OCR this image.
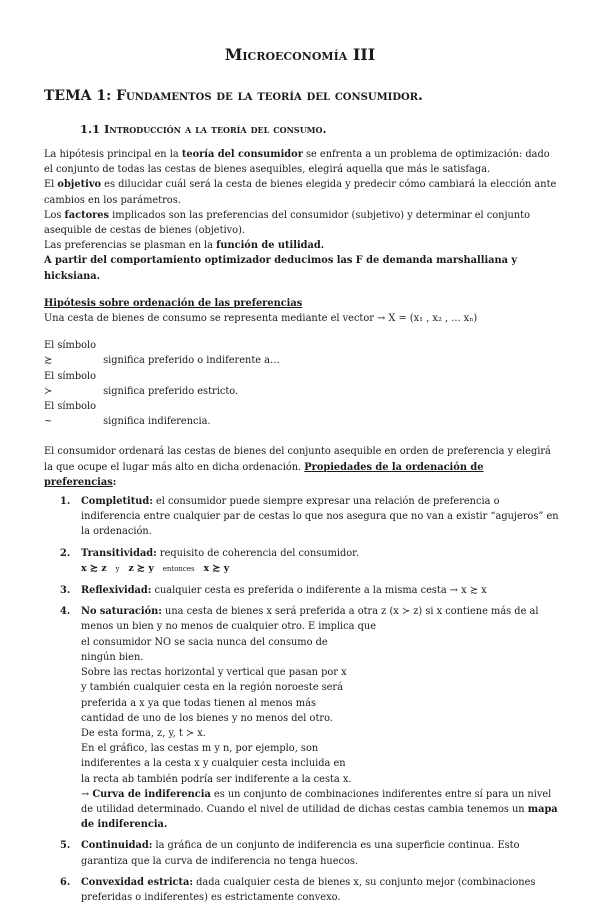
Microeconomía III
TEMA 1: Fundamentos de la teoría del consumidor.
1.1 Introducción a la teoría del consumo.

La hipótesis principal en la teoría del consumidor se enfrenta a un problema de optimización: dado el conjunto de todas las cestas de bienes asequibles, elegirá aquella que más le satisfaga.

El objetivo es dilucidar cuál será la cesta de bienes elegida y predecir cómo cambiará la elección ante cambios en los parámetros.

Los factores implicados son las preferencias del consumidor (subjetivo) y determinar el conjunto asequible de cestas de bienes (objetivo).

Las preferencias se plasman en la función de utilidad.

A partir del comportamiento optimizador deducimos las F de demanda marshalliana y hicksiana.

Hipótesis sobre ordenación de las preferencias

Una cesta de bienes de consumo se representa mediante el vector → X = (x₁ , x₂ , ... xₙ)

El símbolo ≿	significa preferido o indiferente a…

El símbolo ≻	significa preferido estricto.

El símbolo ~	significa indiferencia.

El consumidor ordenará las cestas de bienes del conjunto asequible en orden de preferencia y elegirá la que ocupe el lugar más alto en dicha ordenación. Propiedades de la ordenación de preferencias:

1. Completitud: el consumidor puede siempre expresar una relación de preferencia o indiferencia entre cualquier par de cestas lo que nos asegura que no van a existir “agujeros” en la ordenación.
2. Transitividad: requisito de coherencia del consumidor.
x ≿ z y z ≿ y entonces x ≿ y
3. Reflexividad: cualquier cesta es preferida o indiferente a la misma cesta → x ≿ x
4. No saturación: una cesta de bienes x será preferida a otra z (x ≻ z) si x contiene más de al menos un bien y no menos de cualquier otro. E implica que
el consumidor NO se sacia nunca del consumo de
ningún bien.
Sobre las rectas horizontal y vertical que pasan por x
y también cualquier cesta en la región noroeste será
preferida a x ya que todas tienen al menos más
cantidad de uno de los bienes y no menos del otro.
De esta forma, z, y, t ≻ x.
En el gráfico, las cestas m y n, por ejemplo, son
indiferentes a la cesta x y cualquier cesta incluida en
la recta ab también podría ser indiferente a la cesta x.
→ Curva de indiferencia es un conjunto de combinaciones indiferentes entre sí para un nivel de utilidad determinado. Cuando el nivel de utilidad de dichas cestas cambia tenemos un mapa de indiferencia.
5. Continuidad: la gráfica de un conjunto de indiferencia es una superficie continua. Esto garantiza que la curva de indiferencia no tenga huecos.
6. Convexidad estricta: dada cualquier cesta de bienes x, su conjunto mejor (combinaciones preferidas o indiferentes) es estrictamente convexo.
